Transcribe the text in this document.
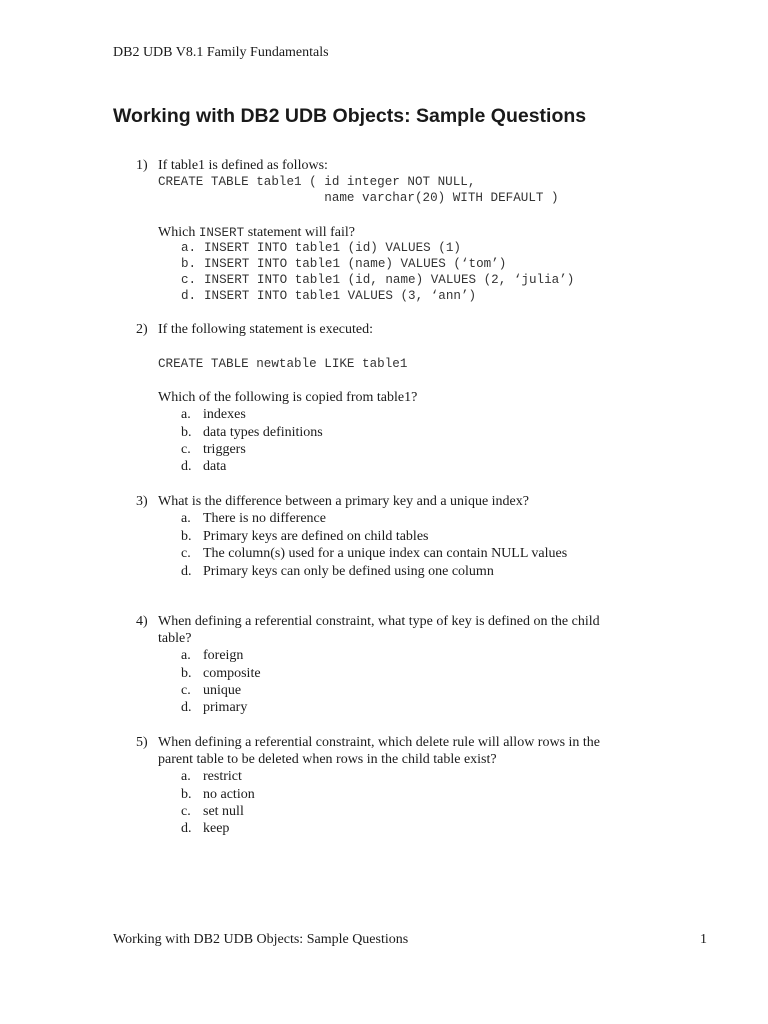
DB2 UDB V8.1 Family Fundamentals
Working with DB2 UDB Objects: Sample Questions
1) If table1 is defined as follows:
CREATE TABLE table1 ( id integer NOT NULL,
name varchar(20) WITH DEFAULT )
Which INSERT statement will fail?
a. INSERT INTO table1 (id) VALUES (1)
b. INSERT INTO table1 (name) VALUES (‘tom’)
c. INSERT INTO table1 (id, name) VALUES (2, ‘julia’)
d. INSERT INTO table1 VALUES (3, ‘ann’)
2) If the following statement is executed:
CREATE TABLE newtable LIKE table1
Which of the following is copied from table1?
a. indexes
b. data types definitions
c. triggers
d. data
3) What is the difference between a primary key and a unique index?
a. There is no difference
b. Primary keys are defined on child tables
c. The column(s) used for a unique index can contain NULL values
d. Primary keys can only be defined using one column
4) When defining a referential constraint, what type of key is defined on the child
table?
a. foreign
b. composite
c. unique
d. primary
5) When defining a referential constraint, which delete rule will allow rows in the
parent table to be deleted when rows in the child table exist?
a. restrict
b. no action
c. set null
d. keep
Working with DB2 UDB Objects: Sample Questions	1
